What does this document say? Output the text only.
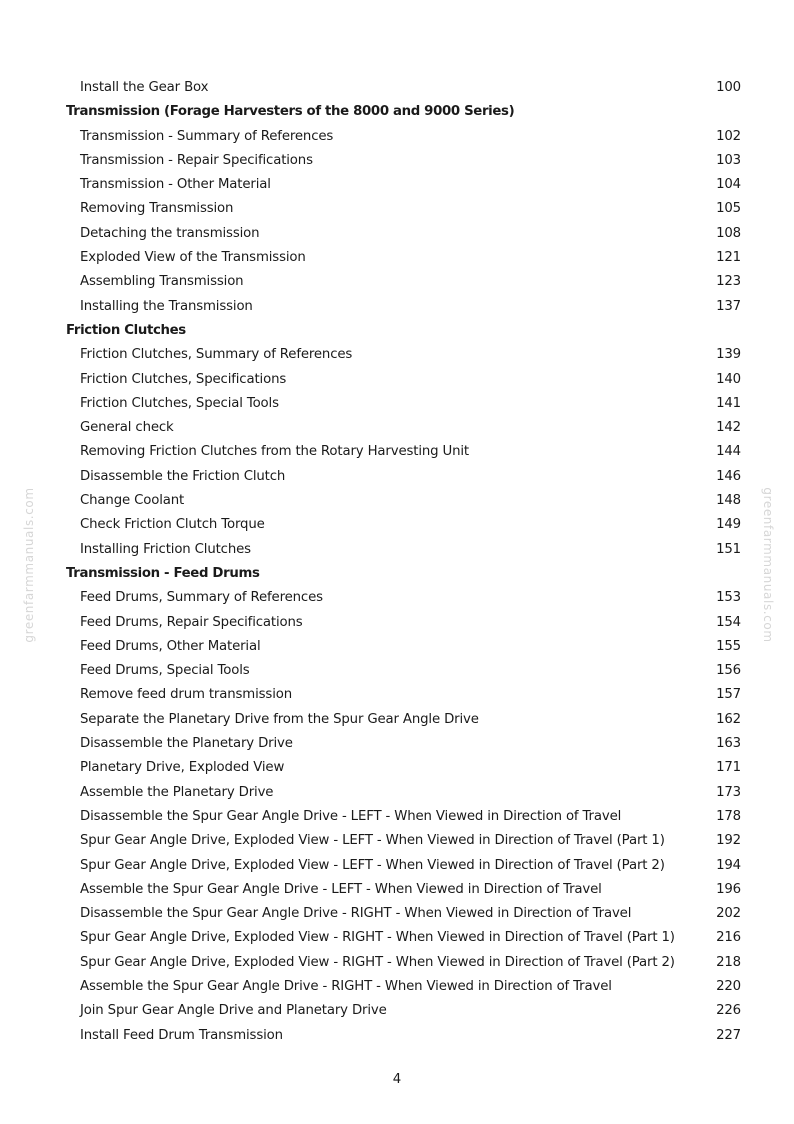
greenfarmmanuals.com	greenfarmmanuals.com
Install the Gear Box	100
Transmission (Forage Harvesters of the 8000 and 9000 Series)
Transmission - Summary of References	102
Transmission - Repair Specifications	103
Transmission - Other Material	104
Removing Transmission	105
Detaching the transmission	108
Exploded View of the Transmission	121
Assembling Transmission	123
Installing the Transmission	137
Friction Clutches
Friction Clutches, Summary of References	139
Friction Clutches, Specifications	140
Friction Clutches, Special Tools	141
General check	142
Removing Friction Clutches from the Rotary Harvesting Unit	144
Disassemble the Friction Clutch	146
Change Coolant	148
Check Friction Clutch Torque	149
Installing Friction Clutches	151
Transmission - Feed Drums
Feed Drums, Summary of References	153
Feed Drums, Repair Specifications	154
Feed Drums, Other Material	155
Feed Drums, Special Tools	156
Remove feed drum transmission	157
Separate the Planetary Drive from the Spur Gear Angle Drive	162
Disassemble the Planetary Drive	163
Planetary Drive, Exploded View	171
Assemble the Planetary Drive	173
Disassemble the Spur Gear Angle Drive - LEFT - When Viewed in Direction of Travel	178
Spur Gear Angle Drive, Exploded View - LEFT - When Viewed in Direction of Travel (Part 1)	192
Spur Gear Angle Drive, Exploded View - LEFT - When Viewed in Direction of Travel (Part 2)	194
Assemble the Spur Gear Angle Drive - LEFT - When Viewed in Direction of Travel	196
Disassemble the Spur Gear Angle Drive - RIGHT - When Viewed in Direction of Travel	202
Spur Gear Angle Drive, Exploded View - RIGHT - When Viewed in Direction of Travel (Part 1)	216
Spur Gear Angle Drive, Exploded View - RIGHT - When Viewed in Direction of Travel (Part 2)	218
Assemble the Spur Gear Angle Drive - RIGHT - When Viewed in Direction of Travel	220
Join Spur Gear Angle Drive and Planetary Drive	226
Install Feed Drum Transmission	227
4
